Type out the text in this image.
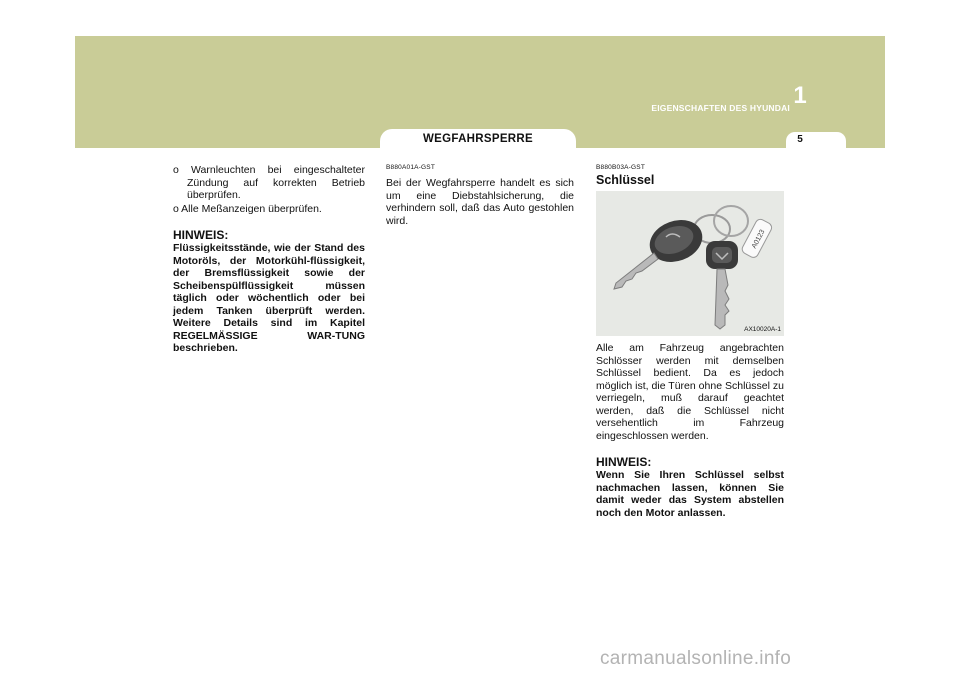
EIGENSCHAFTEN DES HYUNDAI 1
5
WEGFAHRSPERRE

o Warnleuchten bei eingeschalteter Zündung auf korrekten Betrieb überprüfen.

o Alle Meßanzeigen überprüfen.

HINWEIS:
Flüssigkeitsstände, wie der Stand des Motoröls, der Motorkühl-flüssigkeit, der Bremsflüssigkeit sowie der Scheibenspülflüssigkeit müssen täglich oder wöchentlich oder bei jedem Tanken überprüft werden. Weitere Details sind im Kapitel REGELMÄSSIGE WAR-TUNG beschrieben.
B880A01A-GST

Bei der Wegfahrsperre handelt es sich um eine Diebstahlsicherung, die verhindern soll, daß das Auto gestohlen wird.

B880B03A-GST
Schlüssel
A0123
AX10020A-1

Alle am Fahrzeug angebrachten Schlösser werden mit demselben Schlüssel bedient. Da es jedoch möglich ist, die Türen ohne Schlüssel zu verriegeln, muß darauf geachtet werden, daß die Schlüssel nicht versehentlich im Fahrzeug eingeschlossen werden.

HINWEIS:
Wenn Sie Ihren Schlüssel selbst nachmachen lassen, können Sie damit weder das System abstellen noch den Motor anlassen.
carmanualsonline.info
